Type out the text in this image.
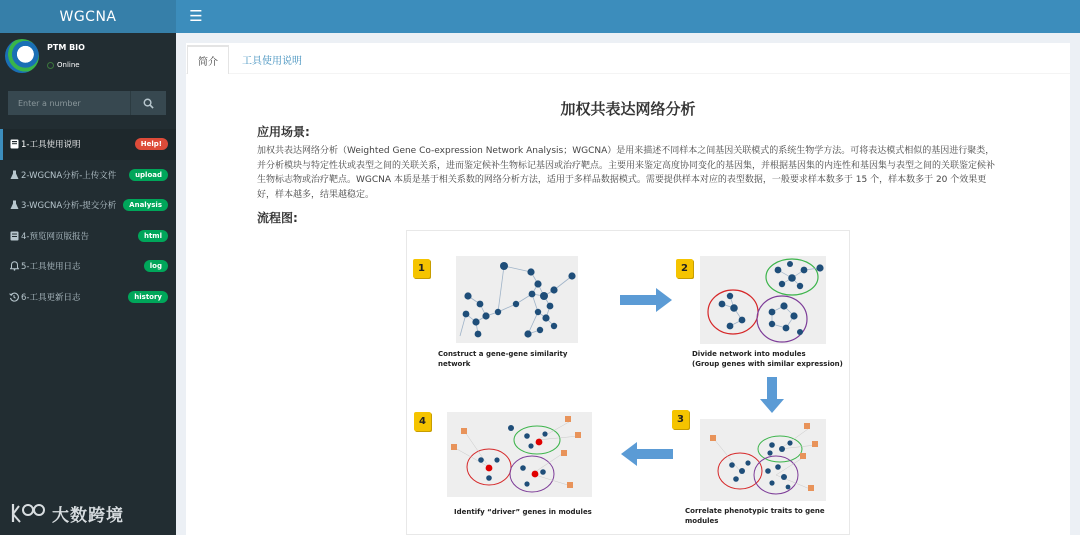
WGCNA	☰
PTM BIO
Online
Enter a number
1-工具使用说明	Help!
2-WGCNA分析-上传文件	upload
3-WGCNA分析-提交分析	Analysis
4-预览网页版报告	html
5-工具使用日志	log
6-工具更新日志	history
大数跨境
简介	工具使用说明
加权共表达网络分析
应用场景:
加权共表达网络分析（Weighted Gene Co-expression Network Analysis；WGCNA）是用来描述不同样本之间基因关联模式的系统生物学方法。可将表达模式相似的基因进行聚类，并分析模块与特定性状或表型之间的关联关系，进而鉴定候补生物标记基因或治疗靶点。主要用来鉴定高度协同变化的基因集，并根据基因集的内连性和基因集与表型之间的关联鉴定候补生物标志物或治疗靶点。WGCNA 本质是基于相关系数的网络分析方法，适用于多样品数据模式。需要提供样本对应的表型数据，一般要求样本数多于 15 个，样本数多于 20 个效果更好，样本越多，结果越稳定。
流程图:
1
Construct a gene-gene similarity
network
2
Divide network into modules
(Group genes with similar expression)
3
Correlate phenotypic traits to gene
modules
4
Identify “driver” genes in modules
